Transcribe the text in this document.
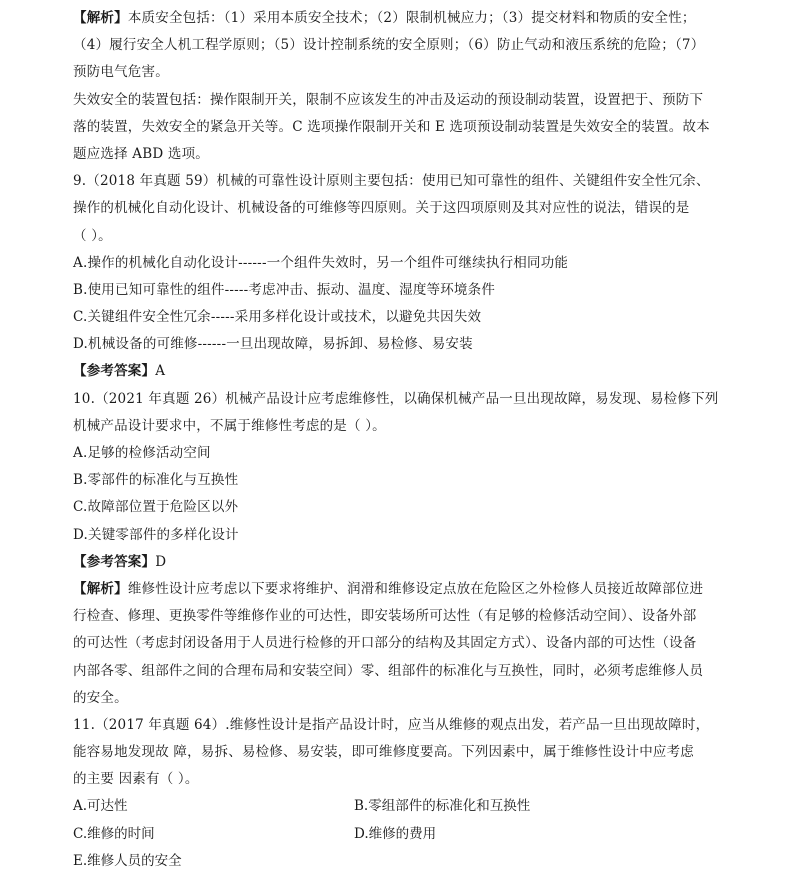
【解析】本质安全包括：（1）采用本质安全技术；（2）限制机械应力；（3）提交材料和物质的安全性；
（4）履行安全人机工程学原则；（5）设计控制系统的安全原则；（6）防止气动和液压系统的危险；（7）
预防电气危害。
失效安全的装置包括：操作限制开关，限制不应该发生的冲击及运动的预设制动装置，设置把于、预防下
落的装置，失效安全的紧急开关等。C 选项操作限制开关和 E 选项预设制动装置是失效安全的装置。故本
题应选择 ABD 选项。
9.（2018 年真题 59）机械的可靠性设计原则主要包括：使用已知可靠性的组件、关键组件安全性冗余、
操作的机械化自动化设计、机械设备的可维修等四原则。关于这四项原则及其对应性的说法，错误的是
（ ）。
A.操作的机械化自动化设计------一个组件失效时，另一个组件可继续执行相同功能
B.使用已知可靠性的组件-----考虑冲击、振动、温度、湿度等环境条件
C.关键组件安全性冗余-----采用多样化设计或技术，以避免共因失效
D.机械设备的可维修------一旦出现故障，易拆卸、易检修、易安装
【参考答案】A
10.（2021 年真题 26）机械产品设计应考虑维修性，以确保机械产品一旦出现故障，易发现、易检修下列
机械产品设计要求中，不属于维修性考虑的是（ ）。
A.足够的检修活动空间
B.零部件的标准化与互换性
C.故障部位置于危险区以外
D.关键零部件的多样化设计
【参考答案】D
【解析】维修性设计应考虑以下要求将维护、润滑和维修设定点放在危险区之外检修人员接近故障部位进
行检查、修理、更换零件等维修作业的可达性，即安装场所可达性（有足够的检修活动空间）、设备外部
的可达性（考虑封闭设备用于人员进行检修的开口部分的结构及其固定方式）、设备内部的可达性（设备
内部各零、组部件之间的合理布局和安装空间）零、组部件的标准化与互换性，同时，必须考虑维修人员
的安全。
11.（2017 年真题 64）.维修性设计是指产品设计时，应当从维修的观点出发，若产品一旦出现故障时，
能容易地发现故 障，易拆、易检修、易安装，即可维修度要高。下列因素中，属于维修性设计中应考虑
的主要 因素有（ ）。
A.可达性	B.零组部件的标准化和互换性
C.维修的时间	D.维修的费用
E.维修人员的安全
